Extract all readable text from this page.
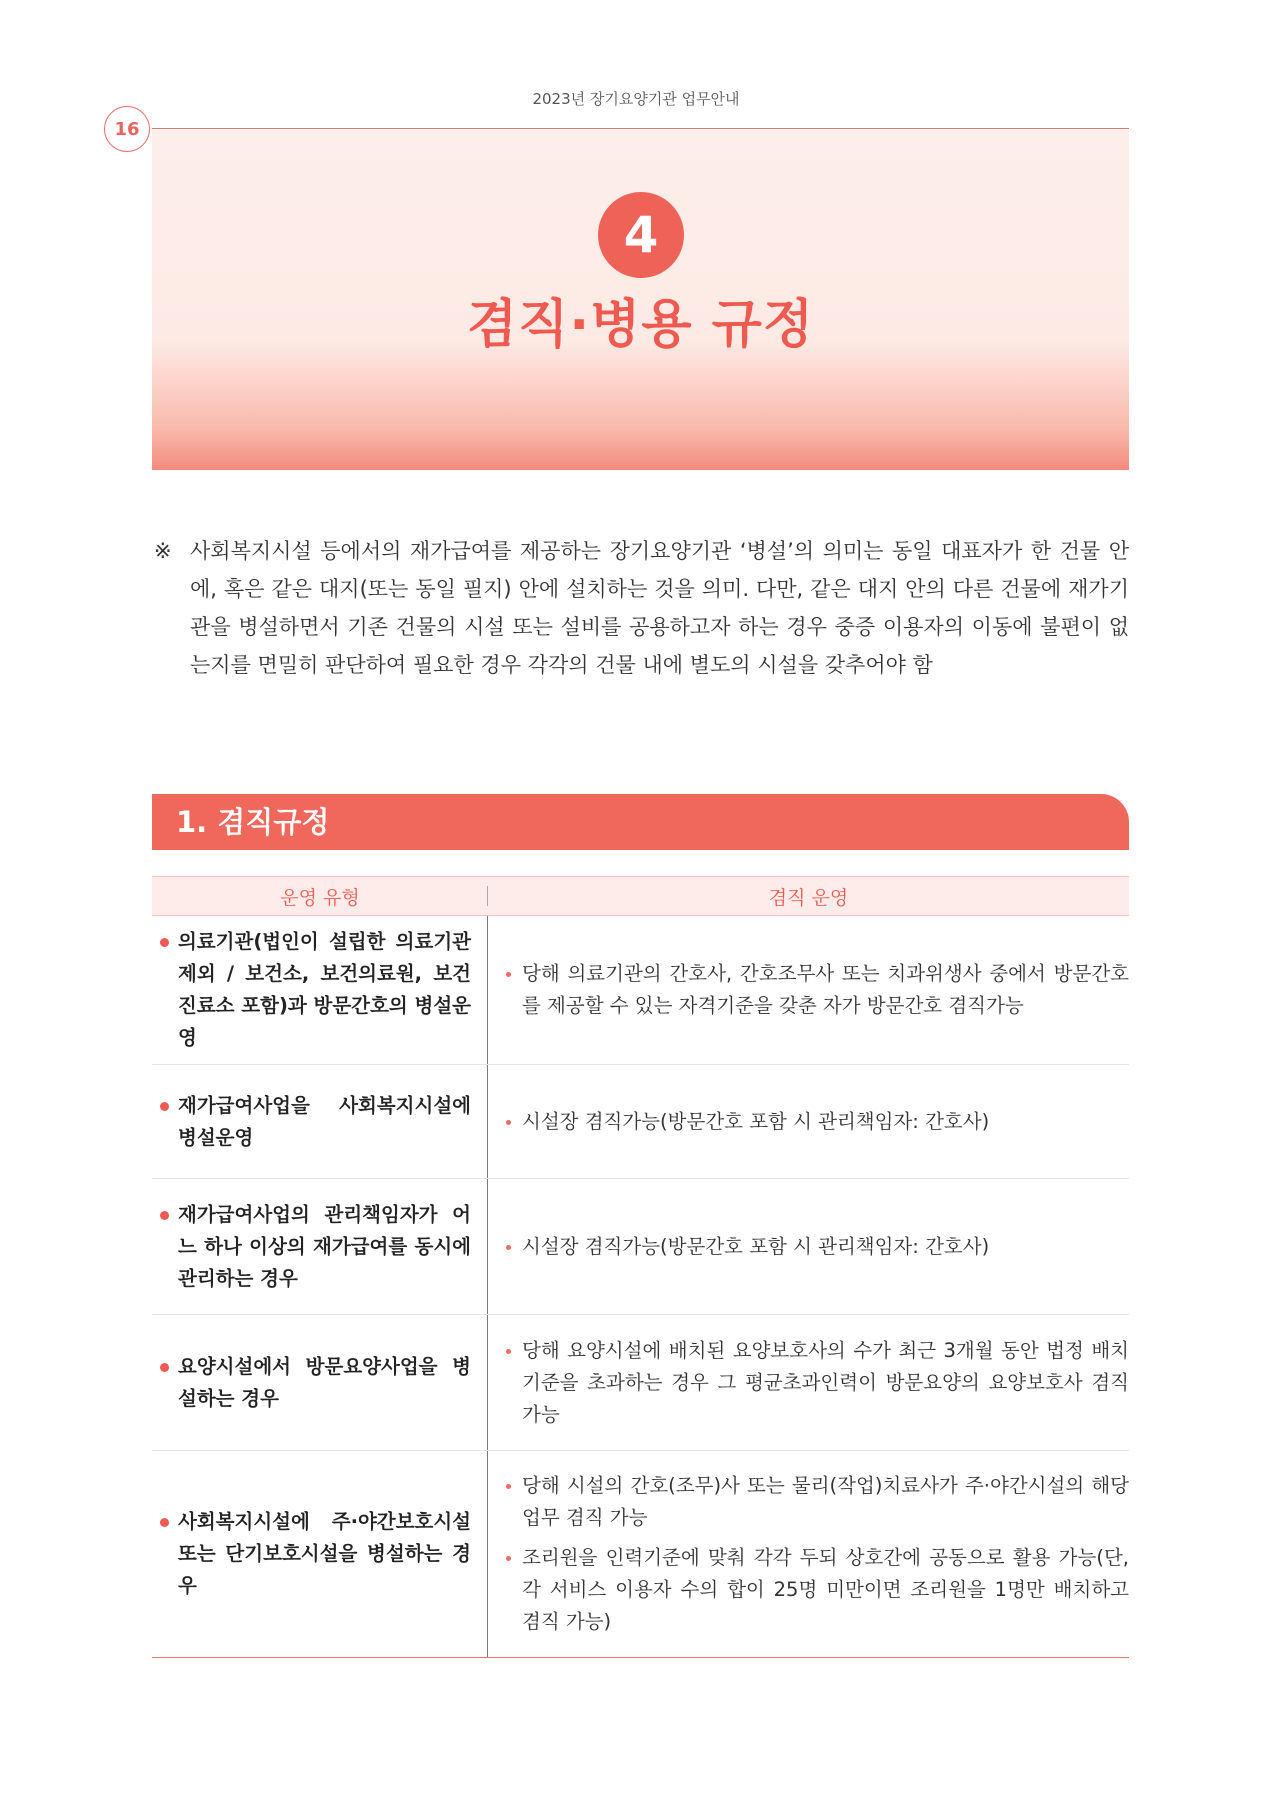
2023년 장기요양기관 업무안내
16
4
겸직·병용 규정
※ 사회복지시설 등에서의 재가급여를 제공하는 장기요양기관 ‘병설’의 의미는 동일 대표자가 한 건물 안에, 혹은 같은 대지(또는 동일 필지) 안에 설치하는 것을 의미. 다만, 같은 대지 안의 다른 건물에 재가기관을 병설하면서 기존 건물의 시설 또는 설비를 공용하고자 하는 경우 중증 이용자의 이동에 불편이 없는지를 면밀히 판단하여 필요한 경우 각각의 건물 내에 별도의 시설을 갖추어야 함
1. 겸직규정
운영 유형	겸직 운영
의료기관(법인이 설립한 의료기관 제외 / 보건소, 보건의료원, 보건진료소 포함)과 방문간호의 병설운영
당해 의료기관의 간호사, 간호조무사 또는 치과위생사 중에서 방문간호를 제공할 수 있는 자격기준을 갖춘 자가 방문간호 겸직가능
재가급여사업을 사회복지시설에 병설운영
시설장 겸직가능(방문간호 포함 시 관리책임자: 간호사)
재가급여사업의 관리책임자가 어느 하나 이상의 재가급여를 동시에 관리하는 경우
시설장 겸직가능(방문간호 포함 시 관리책임자: 간호사)
요양시설에서 방문요양사업을 병설하는 경우
당해 요양시설에 배치된 요양보호사의 수가 최근 3개월 동안 법정 배치기준을 초과하는 경우 그 평균초과인력이 방문요양의 요양보호사 겸직 가능
사회복지시설에 주·야간보호시설 또는 단기보호시설을 병설하는 경우
당해 시설의 간호(조무)사 또는 물리(작업)치료사가 주·야간시설의 해당 업무 겸직 가능
조리원을 인력기준에 맞춰 각각 두되 상호간에 공동으로 활용 가능(단, 각 서비스 이용자 수의 합이 25명 미만이면 조리원을 1명만 배치하고 겸직 가능)
